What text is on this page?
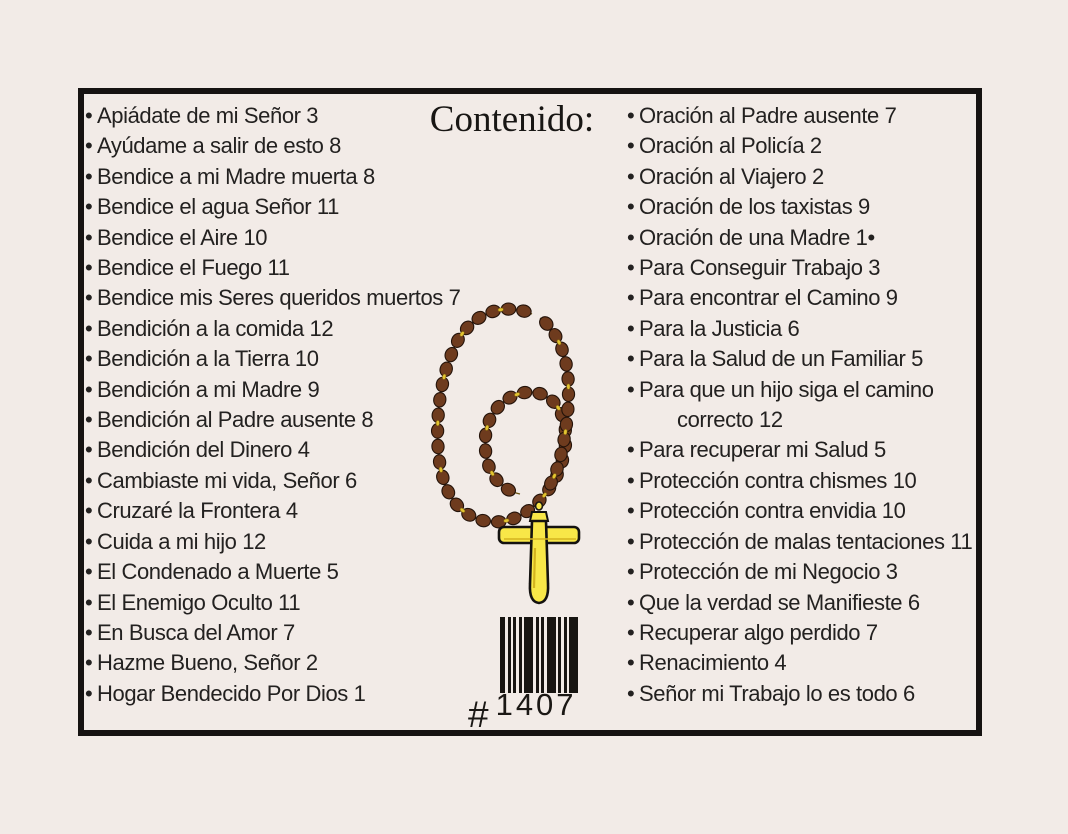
Contenido:
• Apiádate de mi Señor 3
• Ayúdame a salir de esto 8
• Bendice a mi Madre muerta 8
• Bendice el agua Señor 11
• Bendice el Aire 10
• Bendice el Fuego 11
• Bendice mis Seres queridos muertos 7
• Bendición a la comida 12
• Bendición a la Tierra 10
• Bendición a mi Madre 9
• Bendición al Padre ausente 8
• Bendición del Dinero 4
• Cambiaste mi vida, Señor 6
• Cruzaré la Frontera 4
• Cuida a mi hijo 12
• El Condenado a Muerte 5
• El Enemigo Oculto 11
• En Busca del Amor 7
• Hazme Bueno, Señor 2
• Hogar Bendecido Por Dios 1
• Oración al Padre ausente 7
• Oración al Policía 2
• Oración al Viajero 2
• Oración de los taxistas 9
• Oración de una Madre 1•
• Para Conseguir Trabajo 3
• Para encontrar el Camino 9
• Para la Justicia 6
• Para la Salud de un Familiar 5
• Para que un hijo siga el camino
correcto 12
• Para recuperar mi Salud 5
• Protección contra chismes 10
• Protección contra envidia 10
• Protección de malas tentaciones 11
• Protección de mi Negocio 3
• Que la verdad se Manifieste 6
• Recuperar algo perdido 7
• Renacimiento 4
• Señor mi Trabajo lo es todo 6
# 1407
